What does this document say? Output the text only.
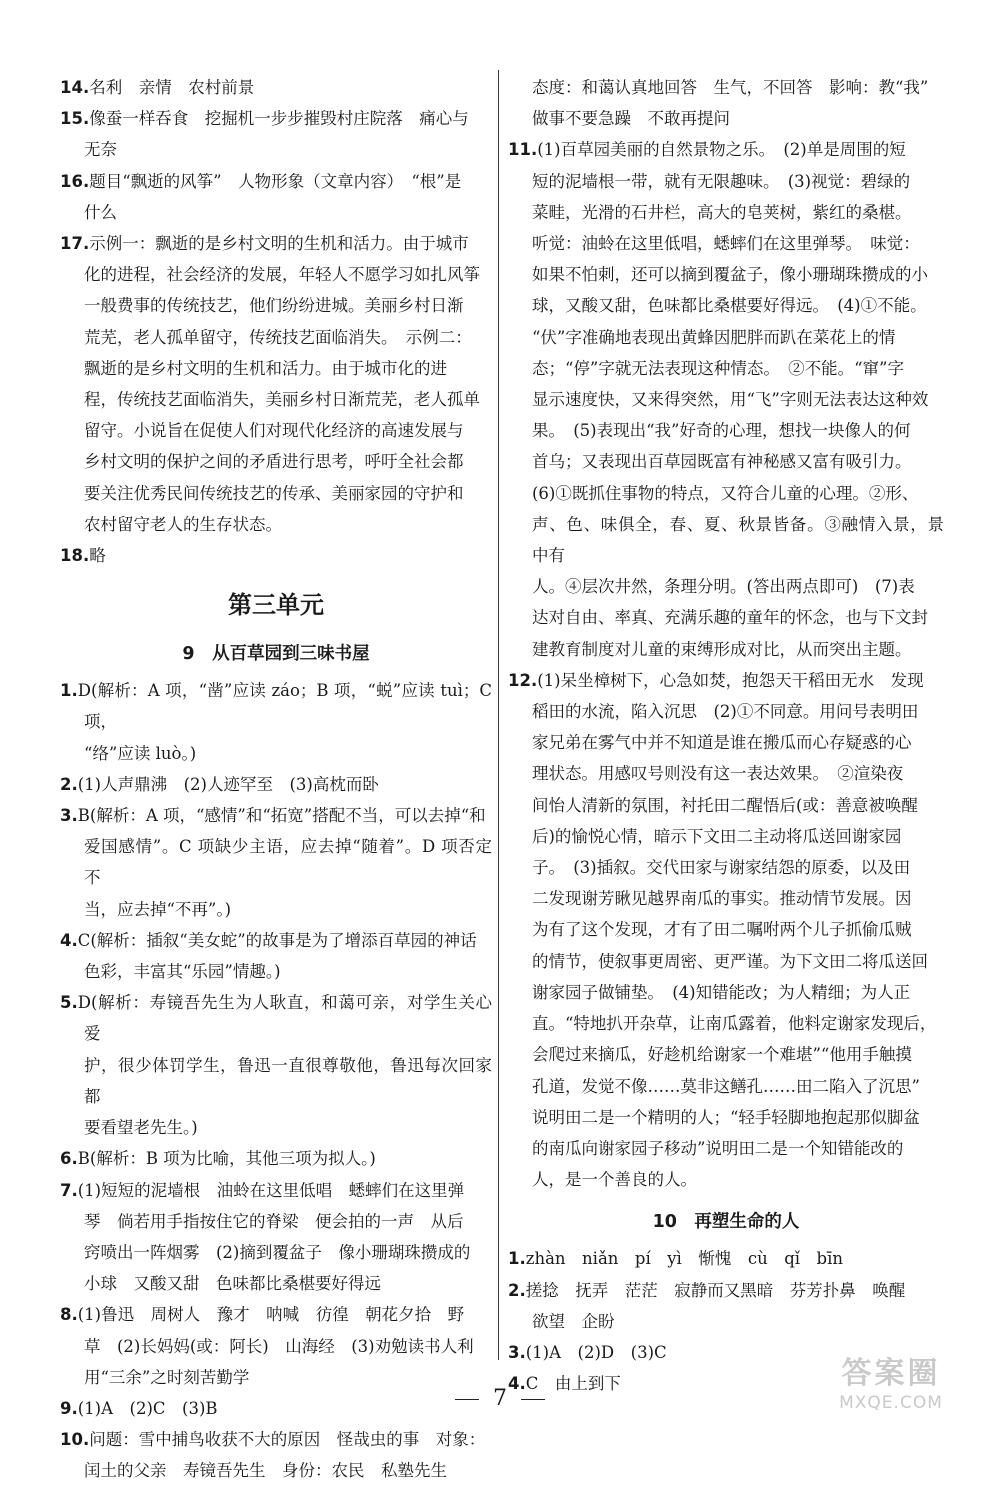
14.名利　亲情　农村前景

15.像蚕一样吞食　挖掘机一步步摧毁村庄院落　痛心与

无奈

16.题目“飘逝的风筝”　人物形象（文章内容）　“根”是

什么

17.示例一：飘逝的是乡村文明的生机和活力。由于城市

化的进程，社会经济的发展，年轻人不愿学习如扎风筝

一般费事的传统技艺，他们纷纷进城。美丽乡村日渐

荒芜，老人孤单留守，传统技艺面临消失。　示例二：

飘逝的是乡村文明的生机和活力。由于城市化的进

程，传统技艺面临消失，美丽乡村日渐荒芜，老人孤单

留守。小说旨在促使人们对现代化经济的高速发展与

乡村文明的保护之间的矛盾进行思考，呼吁全社会都

要关注优秀民间传统技艺的传承、美丽家园的守护和

农村留守老人的生存状态。

18.略

第三单元
9　从百草园到三味书屋

1.D(解析：A 项，“凿”应读 záo；B 项，“蜕”应读 tuì；C 项，

“络”应读 luò。)

2.(1)人声鼎沸　(2)人迹罕至　(3)高枕而卧

3.B(解析：A 项，“感情”和“拓宽”搭配不当，可以去掉“和

爱国感情”。C 项缺少主语，应去掉“随着”。D 项否定不

当，应去掉“不再”。)

4.C(解析：插叙“美女蛇”的故事是为了增添百草园的神话

色彩，丰富其“乐园”情趣。)

5.D(解析：寿镜吾先生为人耿直，和蔼可亲，对学生关心爱

护，很少体罚学生，鲁迅一直很尊敬他，鲁迅每次回家都

要看望老先生。)

6.B(解析：B 项为比喻，其他三项为拟人。)

7.(1)短短的泥墙根　油蛉在这里低唱　蟋蟀们在这里弹

琴　倘若用手指按住它的脊梁　便会拍的一声　从后

窍喷出一阵烟雾　(2)摘到覆盆子　像小珊瑚珠攒成的

小球　又酸又甜　色味都比桑椹要好得远

8.(1)鲁迅　周树人　豫才　呐喊　彷徨　朝花夕拾　野

草　(2)长妈妈(或：阿长)　山海经　(3)劝勉读书人利

用“三余”之时刻苦勤学

9.(1)A　(2)C　(3)B

10.问题：雪中捕鸟收获不大的原因　怪哉虫的事　对象：

闰土的父亲　寿镜吾先生　身份：农民　私塾先生

态度：和蔼认真地回答　生气，不回答　影响：教“我”

做事不要急躁　不敢再提问

11.(1)百草园美丽的自然景物之乐。　(2)单是周围的短

短的泥墙根一带，就有无限趣味。　(3)视觉：碧绿的

菜畦，光滑的石井栏，高大的皂荚树，紫红的桑椹。

听觉：油蛉在这里低唱，蟋蟀们在这里弹琴。　味觉：

如果不怕刺，还可以摘到覆盆子，像小珊瑚珠攒成的小

球，又酸又甜，色味都比桑椹要好得远。　(4)①不能。

“伏”字准确地表现出黄蜂因肥胖而趴在菜花上的情

态；“停”字就无法表现这种情态。　②不能。“窜”字

显示速度快，又来得突然，用“飞”字则无法表达这种效

果。　(5)表现出“我”好奇的心理，想找一块像人的何

首乌；又表现出百草园既富有神秘感又富有吸引力。

(6)①既抓住事物的特点，又符合儿童的心理。②形、

声、色、味俱全，春、夏、秋景皆备。③融情入景，景中有

人。④层次井然，条理分明。(答出两点即可)　(7)表

达对自由、率真、充满乐趣的童年的怀念，也与下文封

建教育制度对儿童的束缚形成对比，从而突出主题。

12.(1)呆坐樟树下，心急如焚，抱怨天干稻田无水　发现

稻田的水流，陷入沉思　(2)①不同意。用问号表明田

家兄弟在雾气中并不知道是谁在搬瓜而心存疑惑的心

理状态。用感叹号则没有这一表达效果。　②渲染夜

间怡人清新的氛围，衬托田二醒悟后(或：善意被唤醒

后)的愉悦心情，暗示下文田二主动将瓜送回谢家园

子。　(3)插叙。交代田家与谢家结怨的原委，以及田

二发现谢芳瞅见越界南瓜的事实。推动情节发展。因

为有了这个发现，才有了田二嘱咐两个儿子抓偷瓜贼

的情节，使叙事更周密、更严谨。为下文田二将瓜送回

谢家园子做铺垫。　(4)知错能改；为人精细；为人正

直。“特地扒开杂草，让南瓜露着，他料定谢家发现后，

会爬过来摘瓜，好趁机给谢家一个难堪”“他用手触摸

孔道，发觉不像……莫非这鳝孔……田二陷入了沉思”

说明田二是一个精明的人；“轻手轻脚地抱起那似脚盆

的南瓜向谢家园子移动”说明田二是一个知错能改的

人，是一个善良的人。

10　再塑生命的人

1.zhàn　niǎn　pí　yì　惭愧　cù　qǐ　bīn

2.搓捻　抚弄　茫茫　寂静而又黑暗　芬芳扑鼻　唤醒

欲望　企盼

3.(1)A　(2)D　(3)C

4.C　由上到下

7
答案圈
MXQE.COM
